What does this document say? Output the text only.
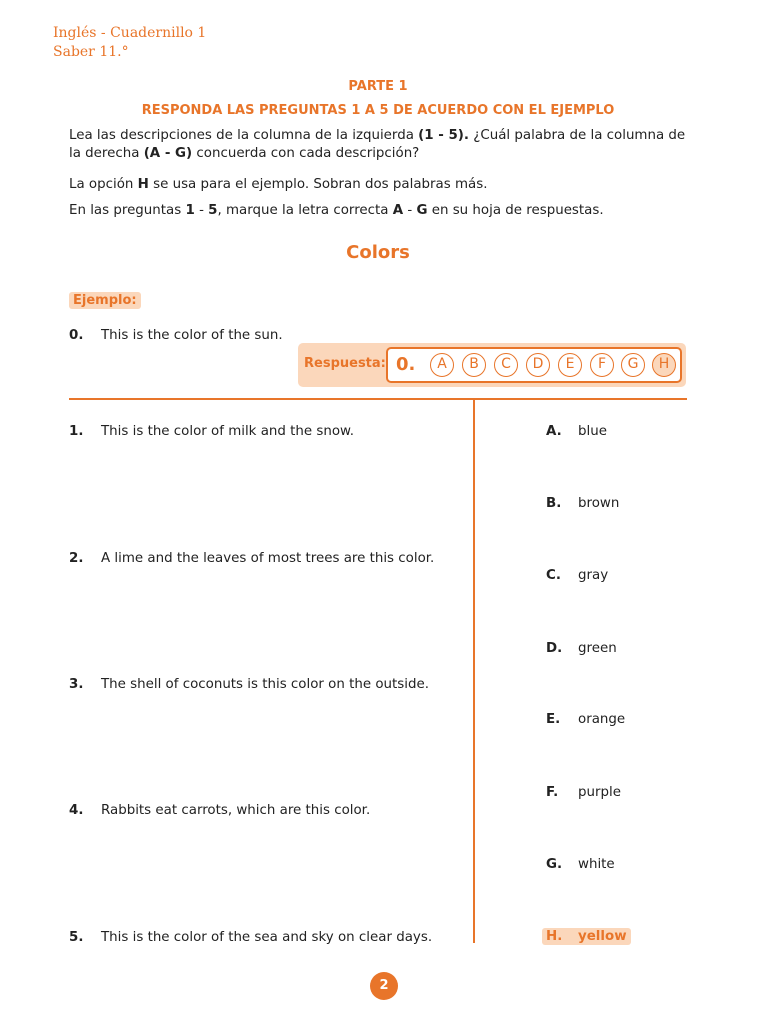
Inglés - Cuadernillo 1
Saber 11.°
PARTE 1
RESPONDA LAS PREGUNTAS 1 A 5 DE ACUERDO CON EL EJEMPLO
Lea las descripciones de la columna de la izquierda (1 - 5). ¿Cuál palabra de la columna de la derecha (A - G) concuerda con cada descripción?
La opción H se usa para el ejemplo. Sobran dos palabras más.
En las preguntas 1 - 5, marque la letra correcta A - G en su hoja de respuestas.
Colors
Ejemplo:
0. This is the color of the sun.
Respuesta: 0.	A	B	C	D	E	F	G	H
1. This is the color of milk and the snow.
2. A lime and the leaves of most trees are this color.
3. The shell of coconuts is this color on the outside.
4. Rabbits eat carrots, which are this color.
5. This is the color of the sea and sky on clear days.
A. blue
B. brown
C. gray
D. green
E. orange
F. purple
G. white
H. yellow
2
